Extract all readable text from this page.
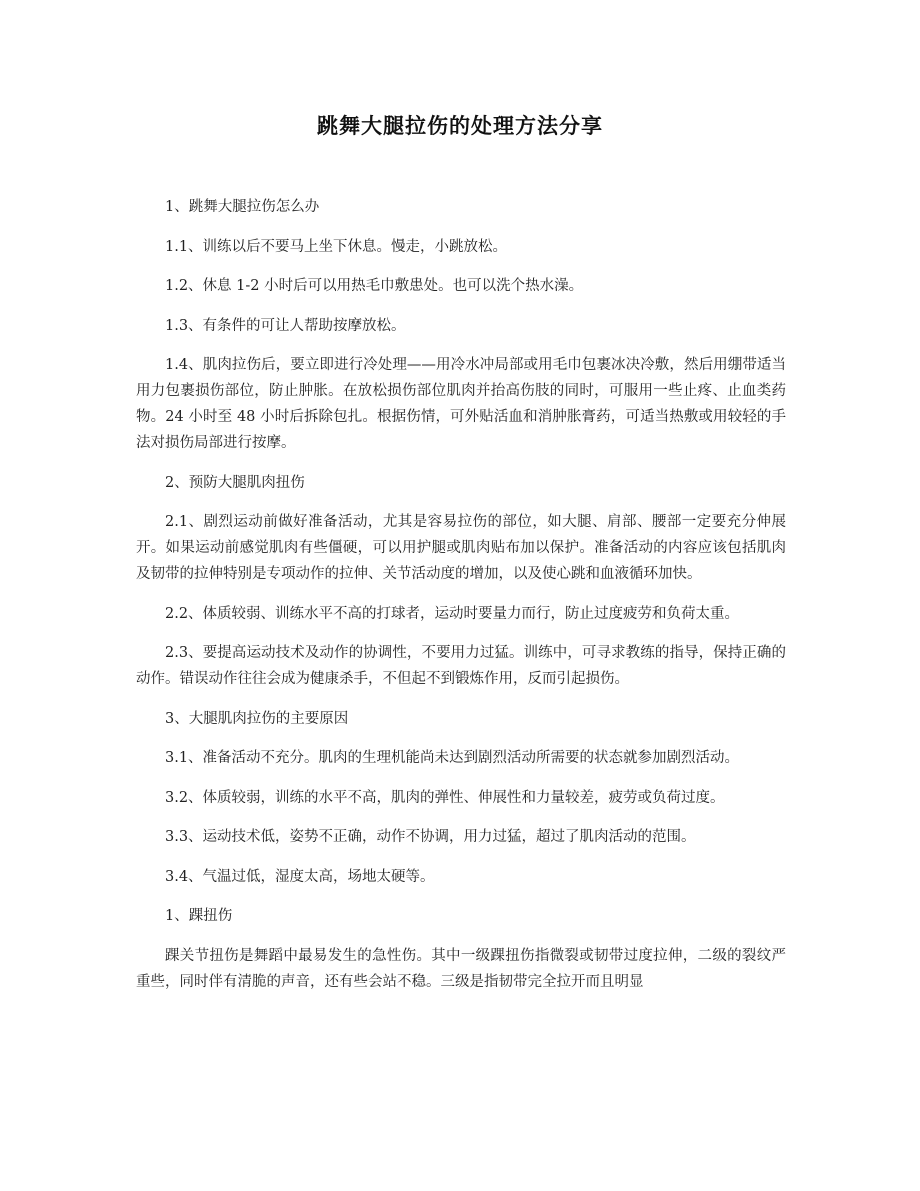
跳舞大腿拉伤的处理方法分享

1、跳舞大腿拉伤怎么办

1.1、训练以后不要马上坐下休息。慢走，小跳放松。

1.2、休息 1-2 小时后可以用热毛巾敷患处。也可以洗个热水澡。

1.3、有条件的可让人帮助按摩放松。

1.4、肌肉拉伤后，要立即进行冷处理——用冷水冲局部或用毛巾包裹冰决冷敷，然后用绷带适当用力包裹损伤部位，防止肿胀。在放松损伤部位肌肉并抬高伤肢的同时，可服用一些止疼、止血类药物。24 小时至 48 小时后拆除包扎。根据伤情，可外贴活血和消肿胀膏药，可适当热敷或用较轻的手法对损伤局部进行按摩。

2、预防大腿肌肉扭伤

2.1、剧烈运动前做好准备活动，尤其是容易拉伤的部位，如大腿、肩部、腰部一定要充分伸展开。如果运动前感觉肌肉有些僵硬，可以用护腿或肌肉贴布加以保护。准备活动的内容应该包括肌肉及韧带的拉伸特别是专项动作的拉伸、关节活动度的增加，以及使心跳和血液循环加快。

2.2、体质较弱、训练水平不高的打球者，运动时要量力而行，防止过度疲劳和负荷太重。

2.3、要提高运动技术及动作的协调性，不要用力过猛。训练中，可寻求教练的指导，保持正确的动作。错误动作往往会成为健康杀手，不但起不到锻炼作用，反而引起损伤。

3、大腿肌肉拉伤的主要原因

3.1、准备活动不充分。肌肉的生理机能尚未达到剧烈活动所需要的状态就参加剧烈活动。

3.2、体质较弱，训练的水平不高，肌肉的弹性、伸展性和力量较差，疲劳或负荷过度。

3.3、运动技术低，姿势不正确，动作不协调，用力过猛，超过了肌肉活动的范围。

3.4、气温过低，湿度太高，场地太硬等。

1、踝扭伤

踝关节扭伤是舞蹈中最易发生的急性伤。其中一级踝扭伤指微裂或韧带过度拉伸，二级的裂纹严重些，同时伴有清脆的声音，还有些会站不稳。三级是指韧带完全拉开而且明显
